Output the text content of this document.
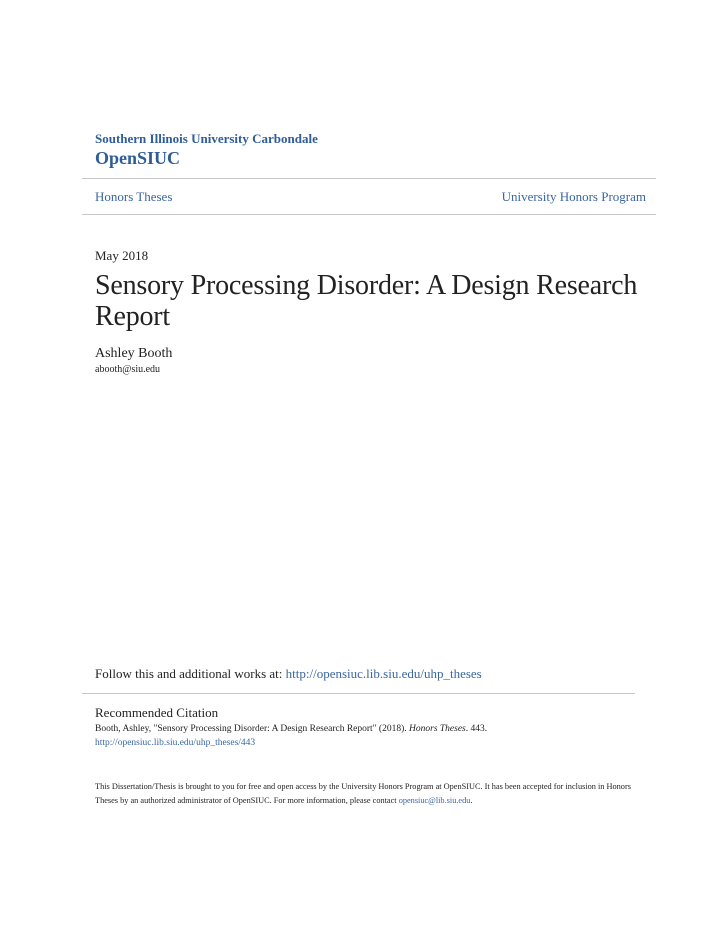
Southern Illinois University Carbondale
OpenSIUC
Honors Theses	University Honors Program
May 2018
Sensory Processing Disorder: A Design Research Report
Ashley Booth
abooth@siu.edu
Follow this and additional works at: http://opensiuc.lib.siu.edu/uhp_theses
Recommended Citation
Booth, Ashley, "Sensory Processing Disorder: A Design Research Report" (2018). Honors Theses. 443.
http://opensiuc.lib.siu.edu/uhp_theses/443
This Dissertation/Thesis is brought to you for free and open access by the University Honors Program at OpenSIUC. It has been accepted for inclusion in Honors Theses by an authorized administrator of OpenSIUC. For more information, please contact opensiuc@lib.siu.edu.
